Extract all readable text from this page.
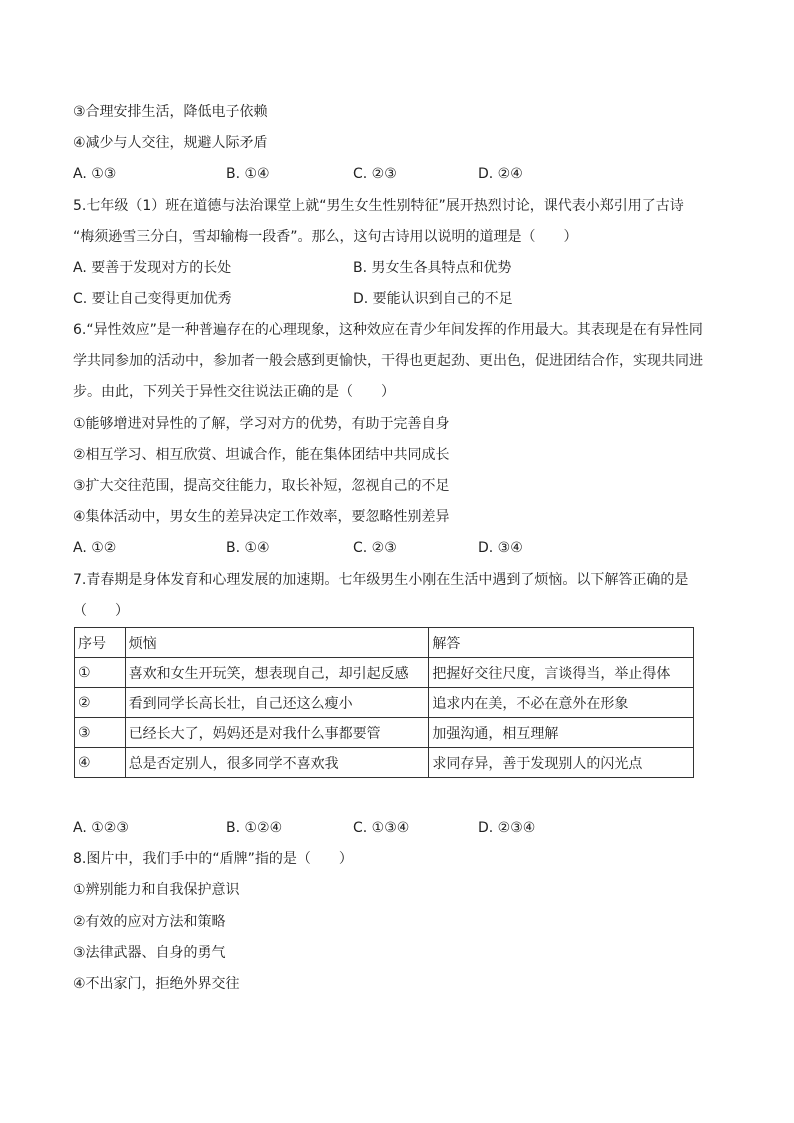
③合理安排生活，降低电子依赖
④减少与人交往，规避人际矛盾
A. ①③	B. ①④	C. ②③	D. ②④
5.七年级（1）班在道德与法治课堂上就“男生女生性别特征”展开热烈讨论，课代表小郑引用了古诗
“梅须逊雪三分白，雪却输梅一段香”。那么，这句古诗用以说明的道理是（　　）
A. 要善于发现对方的长处	B. 男女生各具特点和优势
C. 要让自己变得更加优秀	D. 要能认识到自己的不足
6.“异性效应”是一种普遍存在的心理现象，这种效应在青少年间发挥的作用最大。其表现是在有异性同
学共同参加的活动中，参加者一般会感到更愉快，干得也更起劲、更出色，促进团结合作，实现共同进
步。由此，下列关于异性交往说法正确的是（　　）
①能够增进对异性的了解，学习对方的优势，有助于完善自身
②相互学习、相互欣赏、坦诚合作，能在集体团结中共同成长
③扩大交往范围，提高交往能力，取长补短，忽视自己的不足
④集体活动中，男女生的差异决定工作效率，要忽略性别差异
A. ①②	B. ①④	C. ②③	D. ③④
7.青春期是身体发育和心理发展的加速期。七年级男生小刚在生活中遇到了烦恼。以下解答正确的是
（　　）
序号	烦恼	解答
①	喜欢和女生开玩笑，想表现自己，却引起反感	把握好交往尺度，言谈得当，举止得体
②	看到同学长高长壮，自己还这么瘦小	追求内在美，不必在意外在形象
③	已经长大了，妈妈还是对我什么事都要管	加强沟通，相互理解
④	总是否定别人，很多同学不喜欢我	求同存异，善于发现别人的闪光点
A. ①②③	B. ①②④	C. ①③④	D. ②③④
8.图片中，我们手中的“盾牌”指的是（　　）
①辨别能力和自我保护意识
②有效的应对方法和策略
③法律武器、自身的勇气
④不出家门，拒绝外界交往
